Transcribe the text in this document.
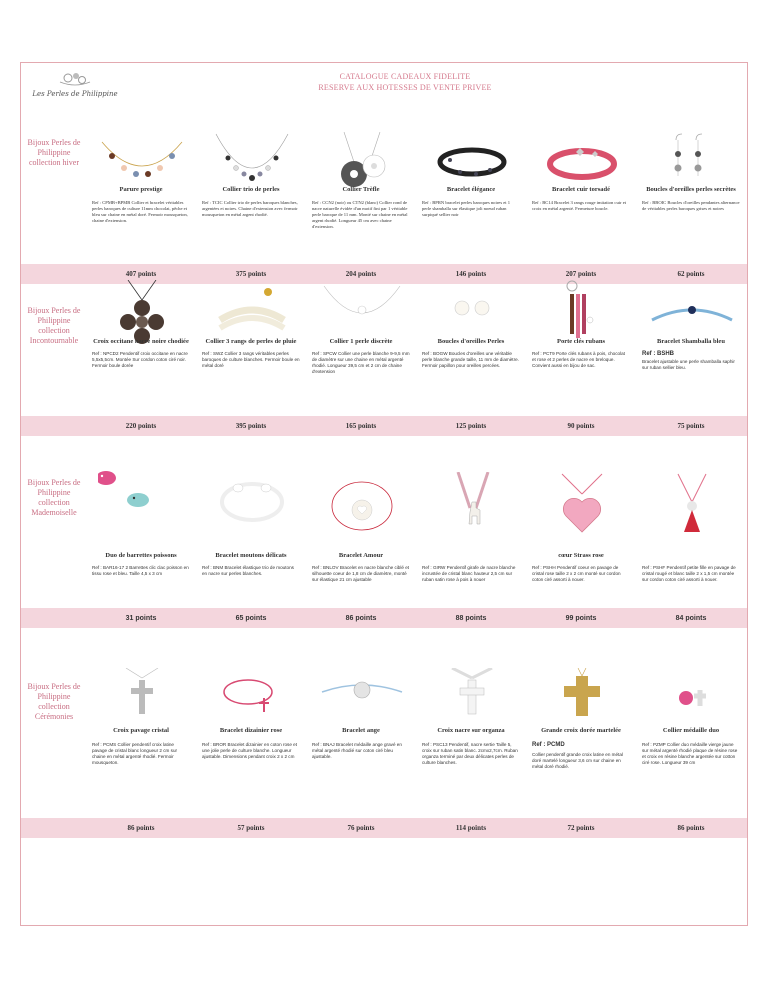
Les Perles de Philippine
CATALOGUE CADEAUX FIDELITE
RESERVE AUX HOTESSES DE VENTE PRIVEE
Bijoux Perles de
Philippine
collection hiver
Parure prestige
Ref : CPMB+BPMB Collier et bracelet véritables perles baroques de culture 11mm chocolat, pêche et bleu sur chaine en métal doré. Fermoir mousqueton, chaine d'extension.
407 points
Collier trio de perles
Ref : TCIC Collier trio de perles baroques blanches, argentées et noires. Chaine d'extension avec fermoir mousqueton en métal argent rhodié.
375 points
Collier Trèfle
Ref : CCN2 (noir) ou CTN2 (blanc) Collier rond de nacre naturelle évidée d'un motif fini par 1 véritable perle baroque de 11 mm. Monté sur chaine en métal argent rhodié. Longueur 45 cm avec chaine d'extension.
204 points
Bracelet élégance
Ref : BPRN bracelet perles baroques noires et 1 perle shamballa sur élastique joli noeud ruban surpiqué sellier noir
146 points
Bracelet cuir torsadé
Ref : BC14 Bracelet 3 rangs rouge imitation cuir et croix en métal argenté. Fermeture boucle.
207 points
Boucles d'oreilles perles secrètes
Ref : BBOIC Boucles d'oreilles pendantes alternance de véritables perles baroques grises et noires
62 points
Bijoux Perles de
Philippine
collection
Incontournable	Croix occitane nacre noire chodiée
Ref : NPCD2 Pendentif croix occitane en nacre 5,5x5,5cm. Montée Sur cordon coton ciré noir. Fermoir boule dorée
220 points
Collier 3 rangs de perles de pluie
Ref : SWZ Collier 3 rangs véritables perles baroques de culture blanches. Fermoir boule en métal doré
395 points
Collier 1 perle discrète
Ref : SPCW Collier une perle blanche 9-9,5 mm de diamètre sur une chaine en métal argenté rhodié. Longueur 39,5 cm et 2 cm de chaine d'extension
165 points
Boucles d'oreilles Perles
Ref : BOGW Boucles d'oreilles une véritable perle blanche grande taille, 11 mm de diamètre. Fermoir papillon pour oreilles percées.
125 points
Porte clés rubans
Ref : PCT9 Porte clés rubans à pois, chocolat et rose et 2 perles de nacre en breloque. Convient aussi en bijou de sac.
90 points
Bracelet Shamballa bleu
Ref : BSHB
Bracelet ajustable une perle shamballa saphir sur ruban sellier bleu.
75 points
Bijoux Perles de
Philippine
collection
Mademoiselle
Duo de barrettes poissons
Ref : BAR16-17 2 Barrettes clic clac poisson en tissu rose et bleu. Taille 4,5 x 3 cm
31 points
Bracelet moutons délicats
Ref : BNM Bracelet élastique trio de moutons en nacre sur perles blanches.
65 points
Bracelet Amour
Ref : BNLOV Bracelet en nacre blanche ciblé et silhouette coeur de 1,8 cm de diamètre, monté sur élastique 21 cm ajustable
86 points
Ref : GIRW Pendentif girafe de nacre blanche incrustée de cristal blanc hauteur 2,5 cm sur ruban satin rose à pois à nouer
88 points
cœur Strass rose
Ref : PSHH Pendentif coeur en pavage de cristal rose taille 2 x 2 cm monté sur cordon coton ciré assorti à nouer.
99 points
Ref : PSHF Pendentif petite fille en pavage de cristal rougé et blanc taille 2 x 1,5 cm montée sur cordon coton ciré assorti à nouer.
84 points
Bijoux Perles de
Philippine
collection
Cérémonies
Croix pavage cristal
Ref : PCMS Collier pendentif croix latine pavage de cristal blanc longueur 2 cm sur chaine en métal argenté rhodié. Fermoir mousqueton.
86 points
Bracelet dizainier rose
Ref : BROR Bracelet dizainier en coton rose et une jolie perle de culture blanche. Longueur ajustable. Dimensions pendant croix 2 x 2 cm
57 points
Bracelet ange
Ref : BNAJ Bracelet médaille ange gravé en métal argenté rhodié sur coton ciré bleu ajustable.
76 points
Croix nacre sur organza
Ref : PSC13 Pendentif, nacre sertie Taille 5, croix sur ruban satin blanc. 2cmx2,7cm. Ruban organza terminé par deux délicates perles de culture blanches.
114 points
Grande croix dorée martelée
Ref : PCMD
Collier pendentif grande croix latine en métal doré martelé longueur 3,6 cm sur chaine en métal doré rhodié.
72 points
Collier médaille duo
Ref : PZMP Collier duo médaille vierge jaune sur métal argenté rhodié plaque de résine rose et croix en résine blanche argentée sur cotton ciré rose. Longueur 39 cm
86 points
